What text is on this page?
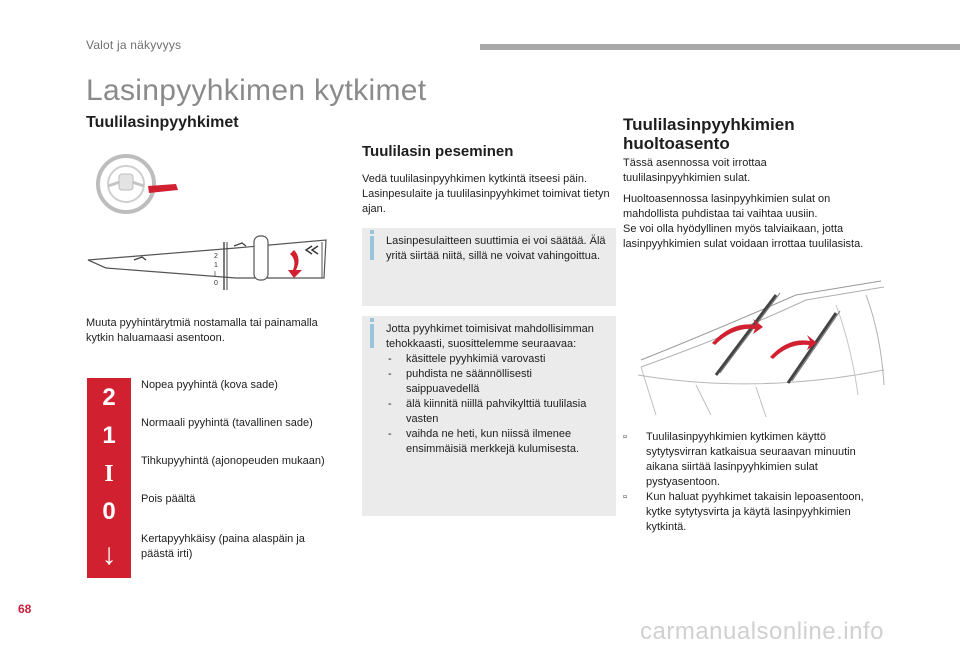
Valot ja näkyvyys
Lasinpyyhkimen kytkimet
Tuulilasinpyyhkimet
2
1
I
0

Muuta pyyhintärytmiä nostamalla tai painamalla kytkin haluamaasi asentoon.

2	Nopea pyyhintä (kova sade)
1	Normaali pyyhintä (tavallinen sade)
I	Tihkupyyhintä (ajonopeuden mukaan)
0	Pois päältä
↓	Kertapyyhkäisy (paina alaspäin ja päästä irti)
Tuulilasin peseminen

Vedä tuulilasinpyyhkimen kytkintä itseesi päin. Lasinpesulaite ja tuulilasinpyyhkimet toimivat tietyn ajan.

Lasinpesulaitteen suuttimia ei voi säätää. Älä yritä siirtää niitä, sillä ne voivat vahingoittua.
Jotta pyyhkimet toimisivat mahdollisimman tehokkaasti, suosittelemme seuraavaa:
- käsittele pyyhkimiä varovasti
- puhdista ne säännöllisesti saippuavedellä
- älä kiinnitä niillä pahvikylttiä tuulilasia vasten
- vaihda ne heti, kun niissä ilmenee ensimmäisiä merkkejä kulumisesta.
Tuulilasinpyyhkimien
huoltoasento

Tässä asennossa voit irrottaa tuulilasinpyyhkimien sulat.

Huoltoasennossa lasinpyyhkimien sulat on mahdollista puhdistaa tai vaihtaa uusiin.

Se voi olla hyödyllinen myös talviaikaan, jotta lasinpyyhkimien sulat voidaan irrottaa tuulilasista.

▫ Tuulilasinpyyhkimien kytkimen käyttö sytytysvirran katkaisua seuraavan minuutin aikana siirtää lasinpyyhkimien sulat pystyasentoon.
▫ Kun haluat pyyhkimet takaisin lepoasentoon, kytke sytytysvirta ja käytä lasinpyyhkimien kytkintä.
68
carmanualsonline.info
